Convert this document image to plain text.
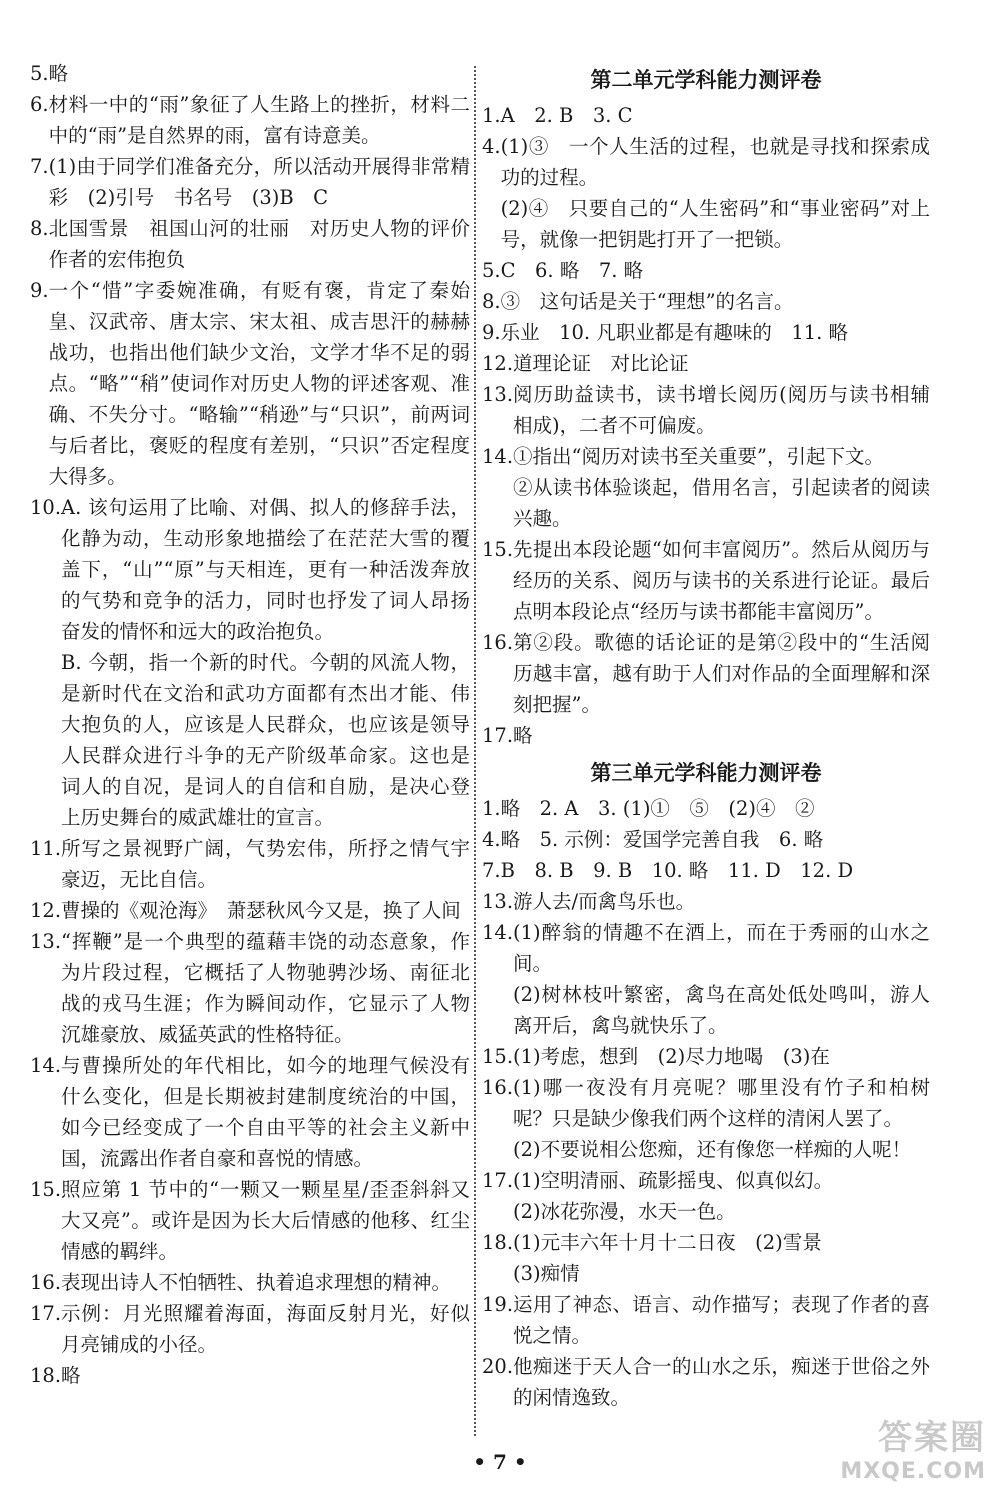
5. 略
6. 材料一中的“雨”象征了人生路上的挫折，材料二中的“雨”是自然界的雨，富有诗意美。
7. (1)由于同学们准备充分，所以活动开展得非常精彩　(2)引号　书名号　(3)B　C
8. 北国雪景　祖国山河的壮丽　对历史人物的评价　作者的宏伟抱负
9. 一个“惜”字委婉准确，有贬有褒，肯定了秦始皇、汉武帝、唐太宗、宋太祖、成吉思汗的赫赫战功，也指出他们缺少文治，文学才华不足的弱点。“略”“稍”使词作对历史人物的评述客观、准确、不失分寸。“略输”“稍逊”与“只识”，前两词与后者比，褒贬的程度有差别，“只识”否定程度大得多。
10. A. 该句运用了比喻、对偶、拟人的修辞手法，化静为动，生动形象地描绘了在茫茫大雪的覆盖下，“山”“原”与天相连，更有一种活泼奔放的气势和竞争的活力，同时也抒发了词人昂扬奋发的情怀和远大的政治抱负。
B. 今朝，指一个新的时代。今朝的风流人物，是新时代在文治和武功方面都有杰出才能、伟大抱负的人，应该是人民群众，也应该是领导人民群众进行斗争的无产阶级革命家。这也是词人的自况，是词人的自信和自励，是决心登上历史舞台的威武雄壮的宣言。
11. 所写之景视野广阔，气势宏伟，所抒之情气宇豪迈，无比自信。
12. 曹操的《观沧海》　萧瑟秋风今又是，换了人间
13. “挥鞭”是一个典型的蕴藉丰饶的动态意象，作为片段过程，它概括了人物驰骋沙场、南征北战的戎马生涯；作为瞬间动作，它显示了人物沉雄豪放、威猛英武的性格特征。
14. 与曹操所处的年代相比，如今的地理气候没有什么变化，但是长期被封建制度统治的中国，如今已经变成了一个自由平等的社会主义新中国，流露出作者自豪和喜悦的情感。
15. 照应第 1 节中的“一颗又一颗星星/歪歪斜斜又大又亮”。或许是因为长大后情感的他移、红尘情感的羁绊。
16. 表现出诗人不怕牺牲、执着追求理想的精神。
17. 示例：月光照耀着海面，海面反射月光，好似月亮铺成的小径。
18. 略
第二单元学科能力测评卷
1. A　2. B　3. C
4. (1)③　一个人生活的过程，也就是寻找和探索成功的过程。
(2)④　只要自己的“人生密码”和“事业密码”对上号，就像一把钥匙打开了一把锁。
5. C　6. 略　7. 略
8. ③　这句话是关于“理想”的名言。
9. 乐业　10. 凡职业都是有趣味的　11. 略
12. 道理论证　对比论证
13. 阅历助益读书，读书增长阅历(阅历与读书相辅相成)，二者不可偏废。
14. ①指出“阅历对读书至关重要”，引起下文。
②从读书体验谈起，借用名言，引起读者的阅读兴趣。
15. 先提出本段论题“如何丰富阅历”。然后从阅历与经历的关系、阅历与读书的关系进行论证。最后点明本段论点“经历与读书都能丰富阅历”。
16. 第②段。歌德的话论证的是第②段中的“生活阅历越丰富，越有助于人们对作品的全面理解和深刻把握”。
17. 略
第三单元学科能力测评卷
1. 略　2. A　3. (1)①　⑤　(2)④　②
4. 略　5. 示例：爱国学完善自我　6. 略
7. B　8. B　9. B　10. 略　11. D　12. D
13. 游人去/而禽鸟乐也。
14. (1)醉翁的情趣不在酒上，而在于秀丽的山水之间。
(2)树林枝叶繁密，禽鸟在高处低处鸣叫，游人离开后，禽鸟就快乐了。
15. (1)考虑，想到　(2)尽力地喝　(3)在
16. (1)哪一夜没有月亮呢？哪里没有竹子和柏树呢？只是缺少像我们两个这样的清闲人罢了。
(2)不要说相公您痴，还有像您一样痴的人呢！
17. (1)空明清丽、疏影摇曳、似真似幻。
(2)冰花弥漫，水天一色。
18. (1)元丰六年十月十二日夜　(2)雪景
(3)痴情
19. 运用了神态、语言、动作描写；表现了作者的喜悦之情。
20. 他痴迷于天人合一的山水之乐，痴迷于世俗之外的闲情逸致。
• 7 •
答案圈
MXQE.COM
